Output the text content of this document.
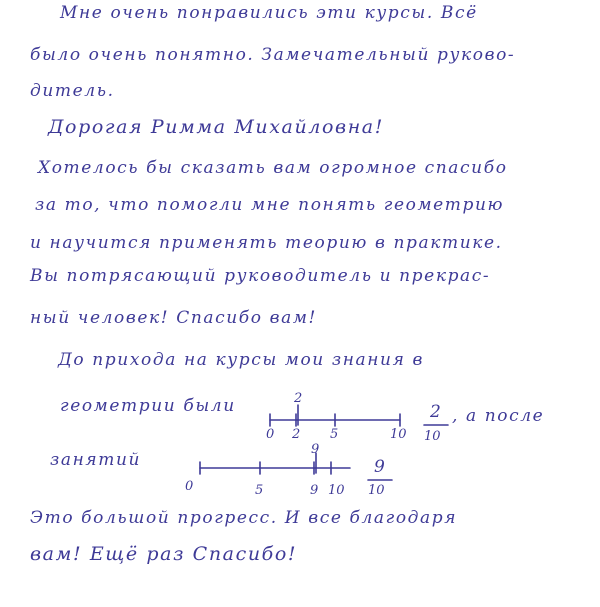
Мне очень понравились эти курсы. Всё
было очень понятно. Замечательный руково-
дитель.
Дорогая Римма Михайловна!
Хотелось бы сказать вам огромное спасибо
за то, что помогли мне понять геометрию
и научится применять теорию в практике.
Вы потрясающий руководитель и прекрас-
ный человек! Спасибо вам!
До прихода на курсы мои знания в
геометрии были	2
0 2 5	10
2
10
, а после
занятий
9
0	5	9 10
9
10
Это большой прогресс. И все благодаря
вам! Ещё раз Спасибо!
